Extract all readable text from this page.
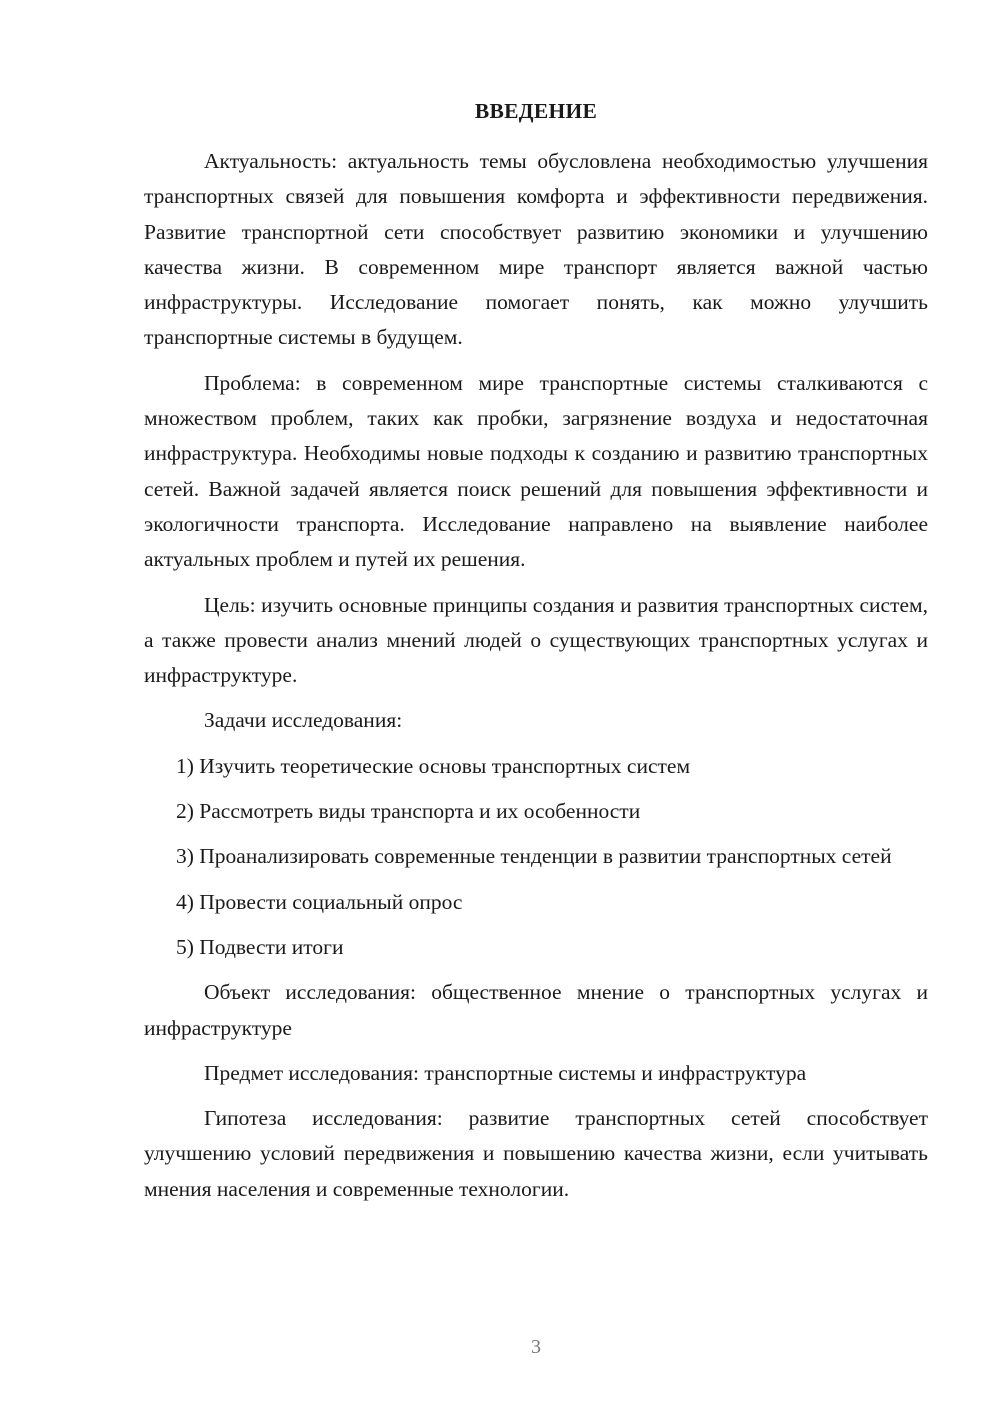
ВВЕДЕНИЕ

Актуальность: актуальность темы обусловлена необходимостью улучшения транспортных связей для повышения комфорта и эффективности передвижения. Развитие транспортной сети способствует развитию экономики и улучшению качества жизни. В современном мире транспорт является важной частью инфраструктуры. Исследование помогает понять, как можно улучшить транспортные системы в будущем.

Проблема: в современном мире транспортные системы сталкиваются с множеством проблем, таких как пробки, загрязнение воздуха и недостаточная инфраструктура. Необходимы новые подходы к созданию и развитию транспортных сетей. Важной задачей является поиск решений для повышения эффективности и экологичности транспорта. Исследование направлено на выявление наиболее актуальных проблем и путей их решения.

Цель: изучить основные принципы создания и развития транспортных систем, а также провести анализ мнений людей о существующих транспортных услугах и инфраструктуре.

Задачи исследования:

1) Изучить теоретические основы транспортных систем

2) Рассмотреть виды транспорта и их особенности

3) Проанализировать современные тенденции в развитии транспортных сетей

4) Провести социальный опрос

5) Подвести итоги

Объект исследования: общественное мнение о транспортных услугах и инфраструктуре

Предмет исследования: транспортные системы и инфраструктура

Гипотеза исследования: развитие транспортных сетей способствует улучшению условий передвижения и повышению качества жизни, если учитывать мнения населения и современные технологии.

3
